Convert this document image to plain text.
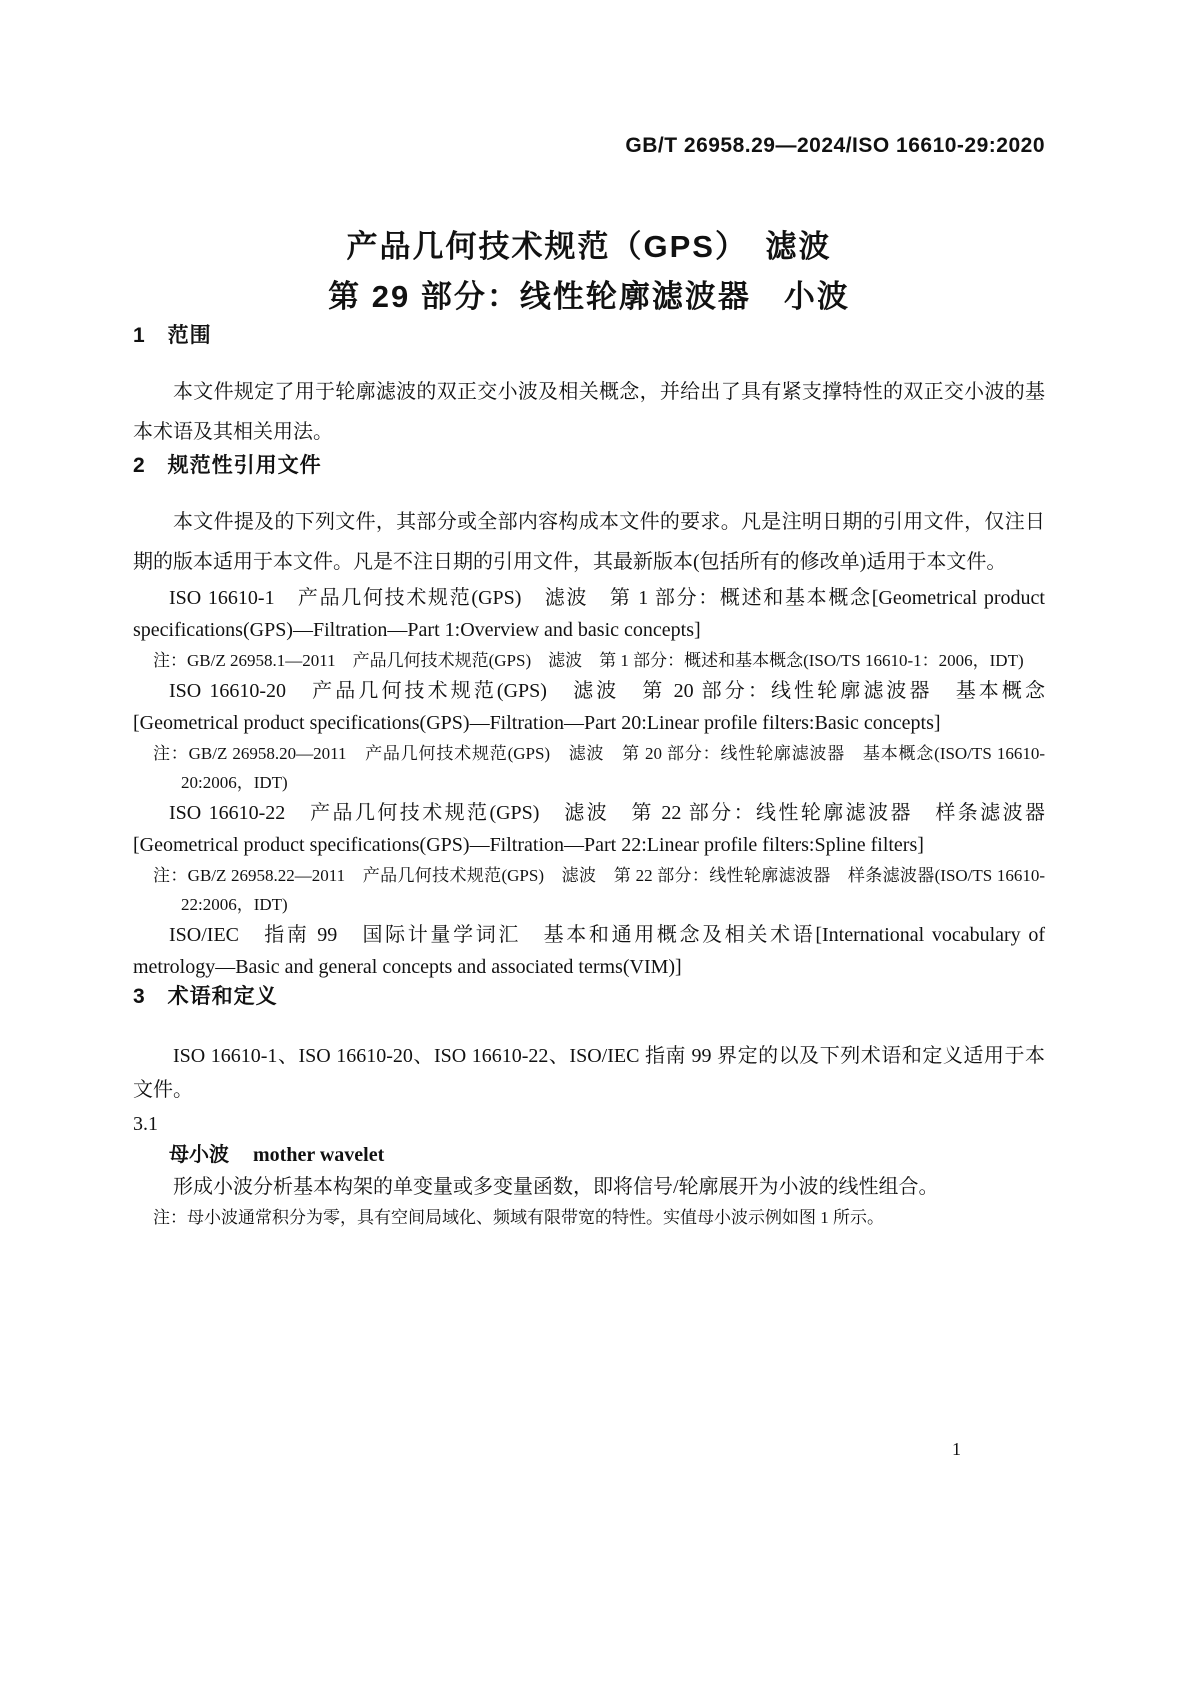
GB/T 26958.29—2024/ISO 16610-29:2020
产品几何技术规范（GPS）　滤波
第 29 部分：线性轮廓滤波器　小波
1　范围

本文件规定了用于轮廓滤波的双正交小波及相关概念，并给出了具有紧支撑特性的双正交小波的基本术语及其相关用法。

2　规范性引用文件

本文件提及的下列文件，其部分或全部内容构成本文件的要求。凡是注明日期的引用文件，仅注日期的版本适用于本文件。凡是不注日期的引用文件，其最新版本(包括所有的修改单)适用于本文件。

ISO 16610-1　产品几何技术规范(GPS)　滤波　第 1 部分：概述和基本概念[Geometrical product specifications(GPS)—Filtration—Part 1:Overview and basic concepts]

注：GB/Z 26958.1—2011　产品几何技术规范(GPS)　滤波　第 1 部分：概述和基本概念(ISO/TS 16610-1：2006，IDT)

ISO 16610-20　产品几何技术规范(GPS)　滤波　第 20 部分：线性轮廓滤波器　基本概念[Geometrical product specifications(GPS)—Filtration—Part 20:Linear profile filters:Basic concepts]

注：GB/Z 26958.20—2011　产品几何技术规范(GPS)　滤波　第 20 部分：线性轮廓滤波器　基本概念(ISO/TS 16610-20:2006，IDT)

ISO 16610-22　产品几何技术规范(GPS)　滤波　第 22 部分：线性轮廓滤波器　样条滤波器[Geometrical product specifications(GPS)—Filtration—Part 22:Linear profile filters:Spline filters]

注：GB/Z 26958.22—2011　产品几何技术规范(GPS)　滤波　第 22 部分：线性轮廓滤波器　样条滤波器(ISO/TS 16610-22:2006，IDT)

ISO/IEC　指南 99　国际计量学词汇　基本和通用概念及相关术语[International vocabulary of metrology—Basic and general concepts and associated terms(VIM)]

3　术语和定义

ISO 16610-1、ISO 16610-20、ISO 16610-22、ISO/IEC 指南 99 界定的以及下列术语和定义适用于本文件。

3.1

母小波 mother wavelet

形成小波分析基本构架的单变量或多变量函数，即将信号/轮廓展开为小波的线性组合。

注：母小波通常积分为零，具有空间局域化、频域有限带宽的特性。实值母小波示例如图 1 所示。

1
